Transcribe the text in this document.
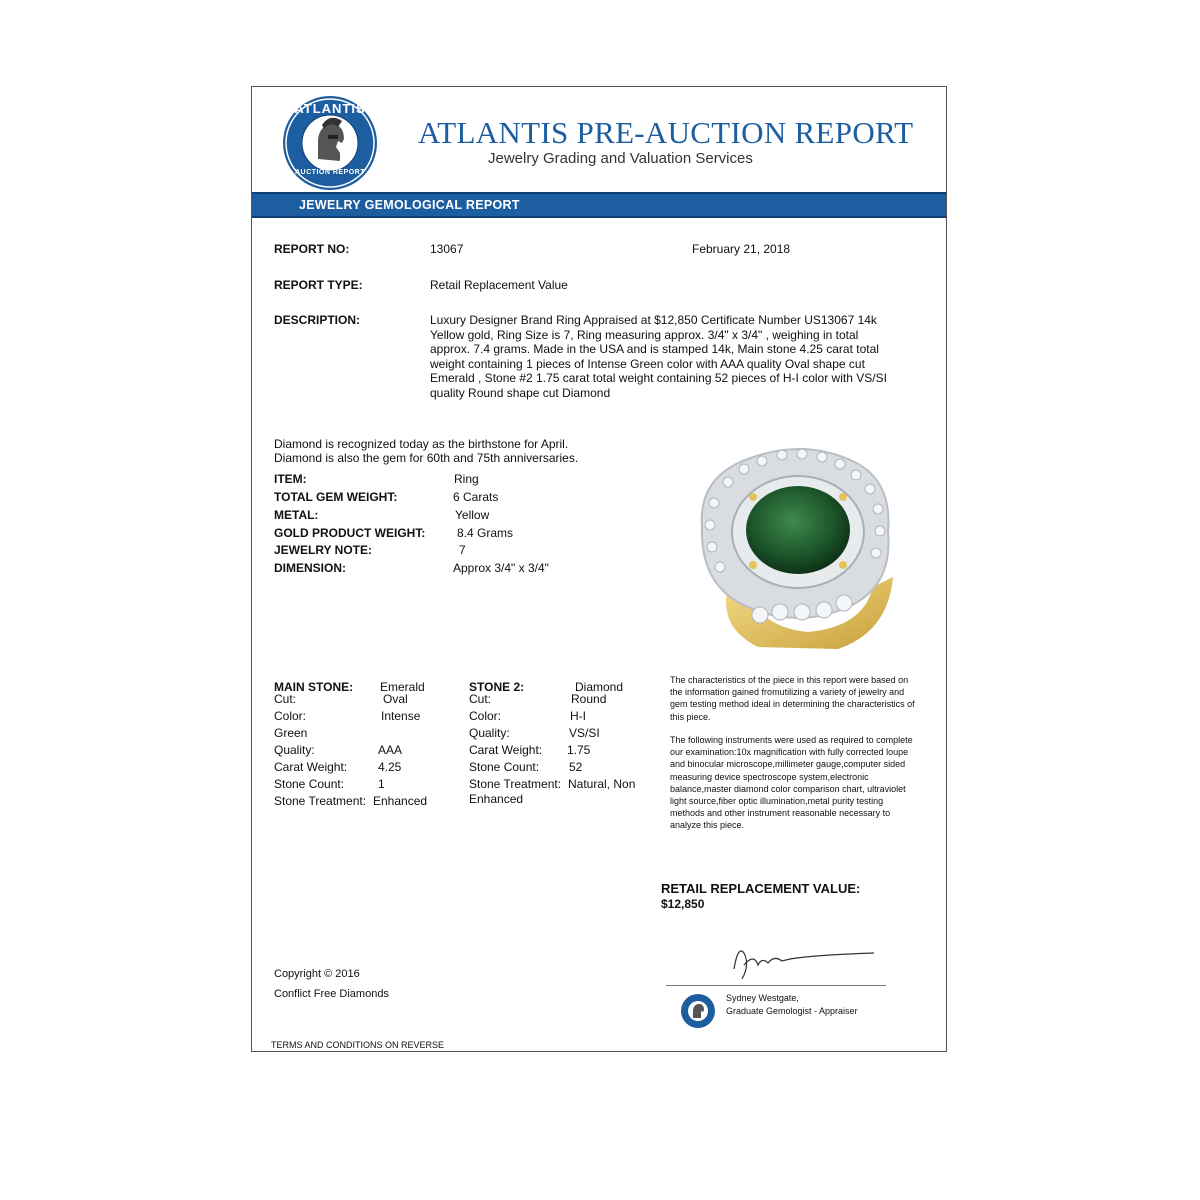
ATLANTIS
AUCTION REPORT
ATLANTIS PRE-AUCTION REPORT
Jewelry Grading and Valuation Services
JEWELRY GEMOLOGICAL REPORT
REPORT NO:	13067	February 21, 2018
REPORT TYPE:	Retail Replacement Value
DESCRIPTION:	Luxury Designer Brand Ring Appraised at $12,850 Certificate Number US13067 14k Yellow gold, Ring Size is 7, Ring measuring approx. 3/4" x 3/4" , weighing in total approx. 7.4 grams. Made in the USA and is stamped 14k, Main stone 4.25 carat total weight containing 1 pieces of Intense Green color with AAA quality Oval shape cut Emerald , Stone #2 1.75 carat total weight containing 52 pieces of H-I color with VS/SI quality Round shape cut Diamond
Diamond is recognized today as the birthstone for April.
Diamond is also the gem for 60th and 75th anniversaries.
ITEM:	Ring
TOTAL GEM WEIGHT:	6 Carats
METAL:	Yellow
GOLD PRODUCT WEIGHT:	8.4 Grams
JEWELRY NOTE:	7
DIMENSION:	Approx 3/4" x 3/4"
MAIN STONE: Emerald
Cut:	Oval
Color:	Intense
Green
Quality:	AAA
Carat Weight:	4.25
Stone Count:	1
Stone Treatment: Enhanced
STONE 2:	Diamond
Cut:	Round
Color:	H-I
Quality:	VS/SI
Carat Weight: 1.75
Stone Count: 52
Stone Treatment: Natural, Non
Enhanced
The characteristics of the piece in this report were based on the information gained fromutilizing a variety of jewelry and gem testing method ideal in determining the characteristics of this piece.
The following instruments were used as required to complete our examination:10x magnification with fully corrected loupe and binocular microscope,millimeter gauge,computer sided measuring device spectroscope system,electronic balance,master diamond color comparison chart, ultraviolet light source,fiber optic illumination,metal purity testing methods and other instrument reasonable necessary to analyze this piece.
RETAIL REPLACEMENT VALUE:
$12,850
Copyright © 2016
Conflict Free Diamonds	Sydney Westgate,
Graduate Gemologist - Appraiser
TERMS AND CONDITIONS ON REVERSE
